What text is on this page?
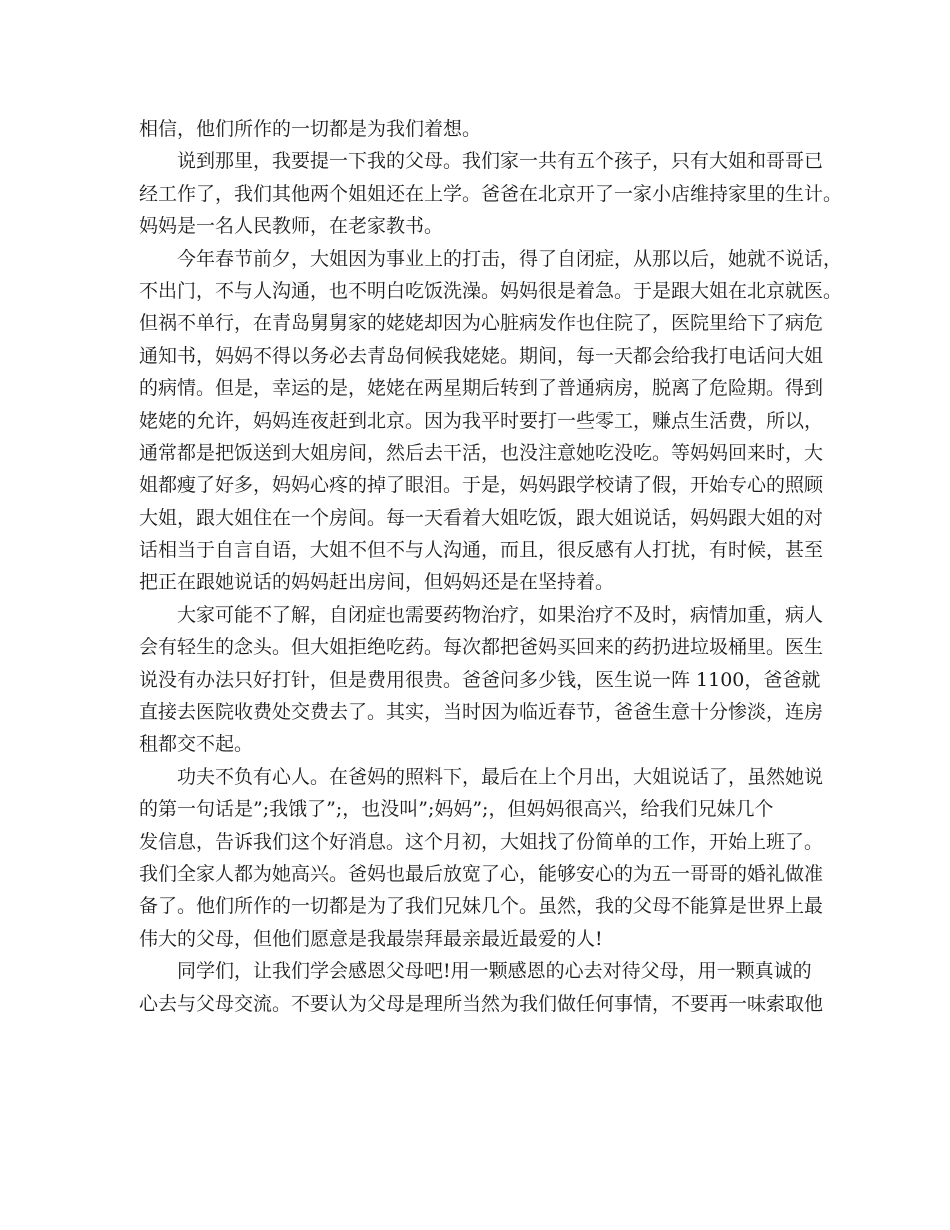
相信，他们所作的一切都是为我们着想。
说到那里，我要提一下我的父母。我们家一共有五个孩子，只有大姐和哥哥已
经工作了，我们其他两个姐姐还在上学。爸爸在北京开了一家小店维持家里的生计。
妈妈是一名人民教师，在老家教书。
今年春节前夕，大姐因为事业上的打击，得了自闭症，从那以后，她就不说话，
不出门，不与人沟通，也不明白吃饭洗澡。妈妈很是着急。于是跟大姐在北京就医。
但祸不单行，在青岛舅舅家的姥姥却因为心脏病发作也住院了，医院里给下了病危
通知书，妈妈不得以务必去青岛伺候我姥姥。期间，每一天都会给我打电话问大姐
的病情。但是，幸运的是，姥姥在两星期后转到了普通病房，脱离了危险期。得到
姥姥的允许，妈妈连夜赶到北京。因为我平时要打一些零工，赚点生活费，所以，
通常都是把饭送到大姐房间，然后去干活，也没注意她吃没吃。等妈妈回来时，大
姐都瘦了好多，妈妈心疼的掉了眼泪。于是，妈妈跟学校请了假，开始专心的照顾
大姐，跟大姐住在一个房间。每一天看着大姐吃饭，跟大姐说话，妈妈跟大姐的对
话相当于自言自语，大姐不但不与人沟通，而且，很反感有人打扰，有时候，甚至
把正在跟她说话的妈妈赶出房间，但妈妈还是在坚持着。
大家可能不了解，自闭症也需要药物治疗，如果治疗不及时，病情加重，病人
会有轻生的念头。但大姐拒绝吃药。每次都把爸妈买回来的药扔进垃圾桶里。医生
说没有办法只好打针，但是费用很贵。爸爸问多少钱，医生说一阵 1100，爸爸就
直接去医院收费处交费去了。其实，当时因为临近春节，爸爸生意十分惨淡，连房
租都交不起。
功夫不负有心人。在爸妈的照料下，最后在上个月出，大姐说话了，虽然她说
的第一句话是”;我饿了”;，也没叫”;妈妈”;，但妈妈很高兴，给我们兄妹几个
发信息，告诉我们这个好消息。这个月初，大姐找了份简单的工作，开始上班了。
我们全家人都为她高兴。爸妈也最后放宽了心，能够安心的为五一哥哥的婚礼做准
备了。他们所作的一切都是为了我们兄妹几个。虽然，我的父母不能算是世界上最
伟大的父母，但他们愿意是我最崇拜最亲最近最爱的人!
同学们，让我们学会感恩父母吧!用一颗感恩的心去对待父母，用一颗真诚的
心去与父母交流。不要认为父母是理所当然为我们做任何事情，不要再一味索取他
